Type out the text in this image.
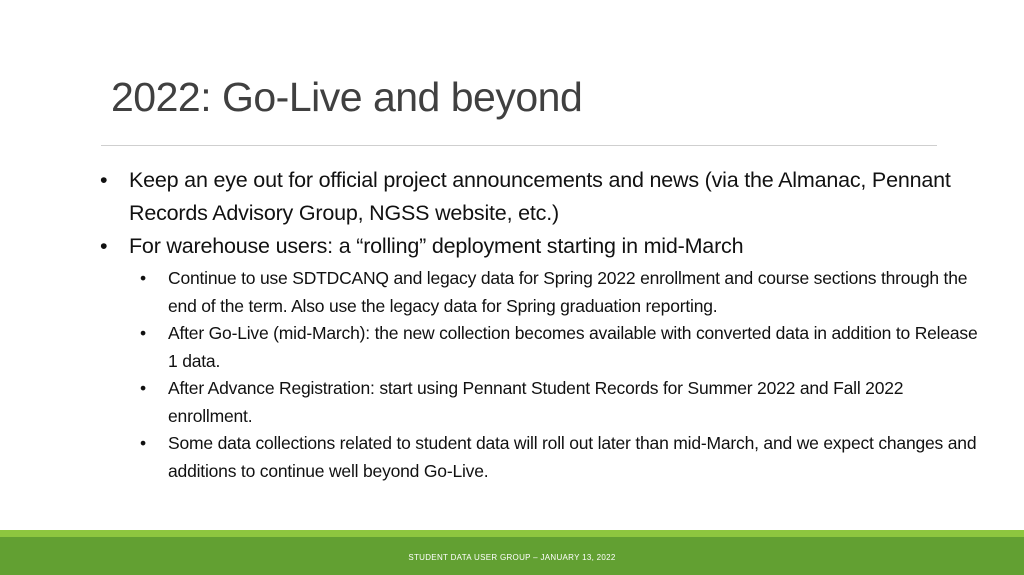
2022: Go-Live and beyond
• Keep an eye out for official project announcements and news (via the Almanac, Pennant Records Advisory Group, NGSS website, etc.)
• For warehouse users: a “rolling” deployment starting in mid-March
• Continue to use SDTDCANQ and legacy data for Spring 2022 enrollment and course sections through the end of the term. Also use the legacy data for Spring graduation reporting.
• After Go-Live (mid-March): the new collection becomes available with converted data in addition to Release 1 data.
• After Advance Registration: start using Pennant Student Records for Summer 2022 and Fall 2022 enrollment.
• Some data collections related to student data will roll out later than mid-March, and we expect changes and additions to continue well beyond Go-Live.
STUDENT DATA USER GROUP – JANUARY 13, 2022
